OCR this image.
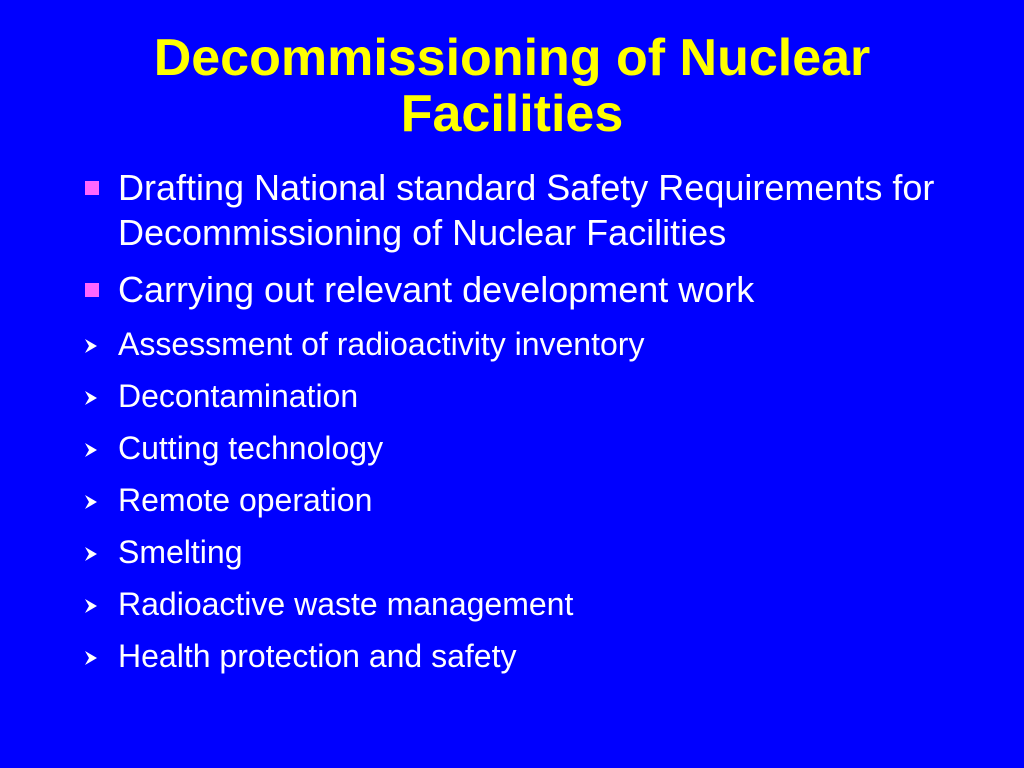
Decommissioning of Nuclear
Facilities
Drafting National standard Safety Requirements for Decommissioning of Nuclear Facilities
Carrying out relevant development work
Assessment of radioactivity inventory
Decontamination
Cutting technology
Remote operation
Smelting
Radioactive waste management
Health protection and safety
